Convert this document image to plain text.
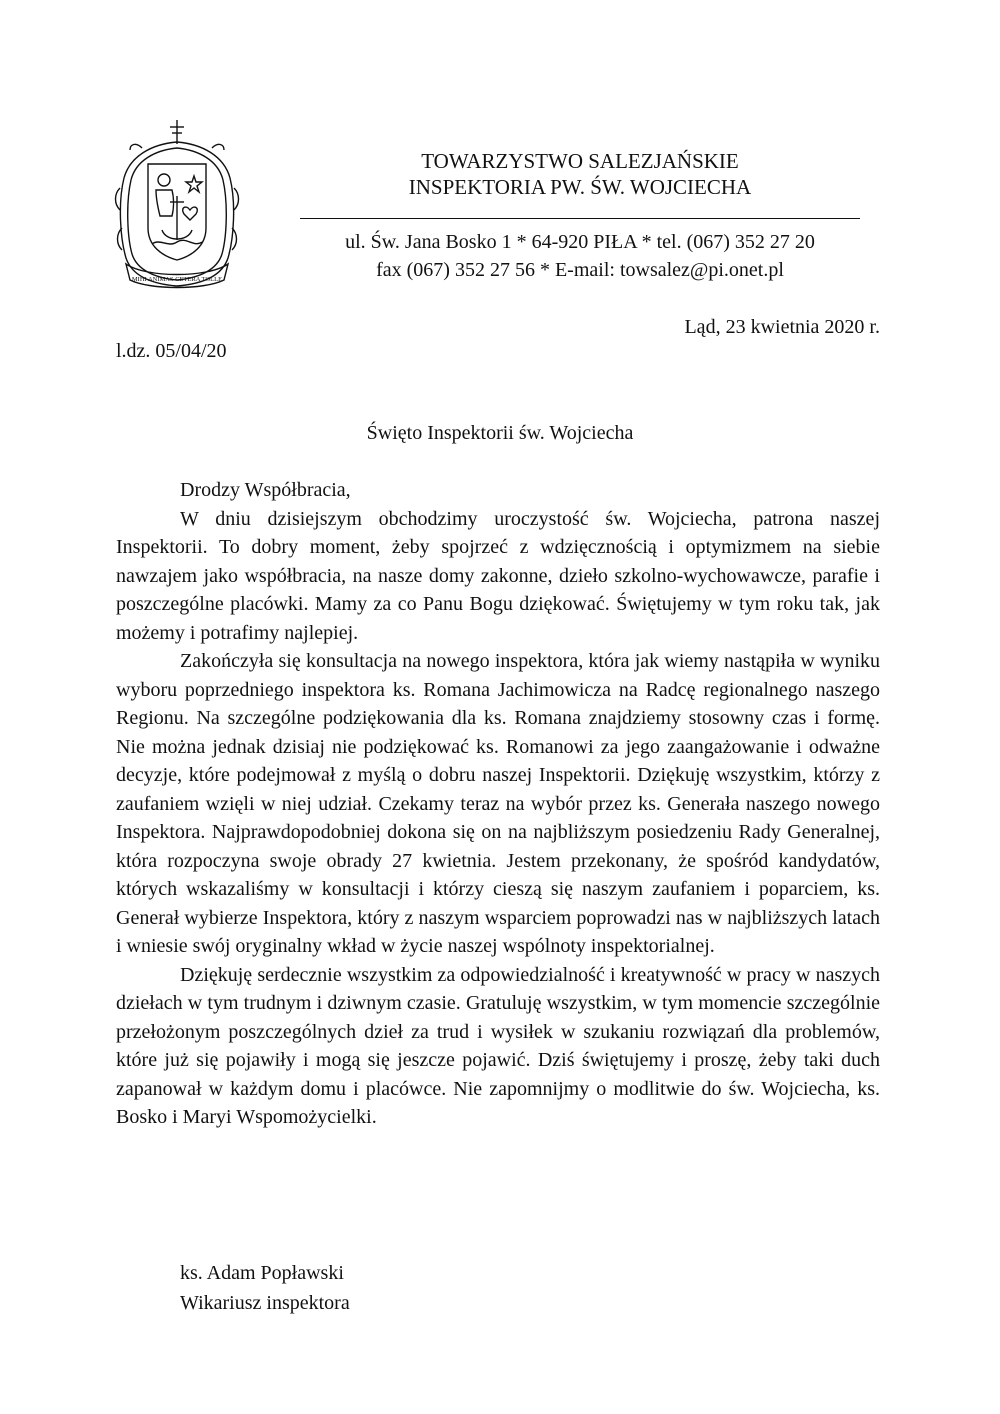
MIHI ANIMAS CETERA TOLLE
TOWARZYSTWO SALEZJAŃSKIE
INSPEKTORIA PW. ŚW. WOJCIECHA
ul. Św. Jana Bosko 1 * 64-920 PIŁA * tel. (067) 352 27 20
fax (067) 352 27 56 * E-mail: towsalez@pi.onet.pl
Ląd, 23 kwietnia 2020 r.
l.dz. 05/04/20
Święto Inspektorii św. Wojciecha

Drodzy Współbracia,

W dniu dzisiejszym obchodzimy uroczystość św. Wojciecha, patrona naszej Inspektorii. To dobry moment, żeby spojrzeć z wdzięcznością i optymizmem na siebie nawzajem jako współbracia, na nasze domy zakonne, dzieło szkolno-wychowawcze, parafie i poszczególne placówki. Mamy za co Panu Bogu dziękować. Świętujemy w tym roku tak, jak możemy i potrafimy najlepiej.

Zakończyła się konsultacja na nowego inspektora, która jak wiemy nastąpiła w wyniku wyboru poprzedniego inspektora ks. Romana Jachimowicza na Radcę regionalnego naszego Regionu. Na szczególne podziękowania dla ks. Romana znajdziemy stosowny czas i formę. Nie można jednak dzisiaj nie podziękować ks. Romanowi za jego zaangażowanie i odważne decyzje, które podejmował z myślą o dobru naszej Inspektorii. Dziękuję wszystkim, którzy z zaufaniem wzięli w niej udział. Czekamy teraz na wybór przez ks. Generała naszego nowego Inspektora. Najprawdopodobniej dokona się on na najbliższym posiedzeniu Rady Generalnej, która rozpoczyna swoje obrady 27 kwietnia. Jestem przekonany, że spośród kandydatów, których wskazaliśmy w konsultacji i którzy cieszą się naszym zaufaniem i poparciem, ks. Generał wybierze Inspektora, który z naszym wsparciem poprowadzi nas w najbliższych latach i wniesie swój oryginalny wkład w życie naszej wspólnoty inspektorialnej.

Dziękuję serdecznie wszystkim za odpowiedzialność i kreatywność w pracy w naszych dziełach w tym trudnym i dziwnym czasie. Gratuluję wszystkim, w tym momencie szczególnie przełożonym poszczególnych dzieł za trud i wysiłek w szukaniu rozwiązań dla problemów, które już się pojawiły i mogą się jeszcze pojawić. Dziś świętujemy i proszę, żeby taki duch zapanował w każdym domu i placówce. Nie zapomnijmy o modlitwie do św. Wojciecha, ks. Bosko i Maryi Wspomożycielki.

ks. Adam Popławski
Wikariusz inspektora
